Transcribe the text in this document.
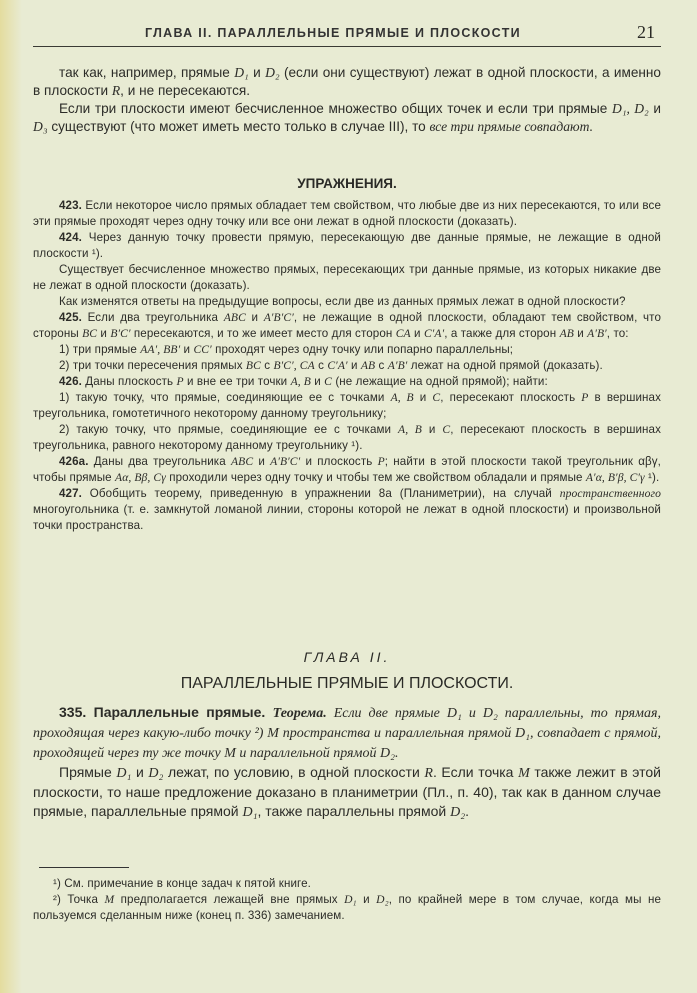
ГЛАВА II. ПАРАЛЛЕЛЬНЫЕ ПРЯМЫЕ И ПЛОСКОСТИ	21

так как, например, прямые D₁ и D₂ (если они существуют) лежат в одной плоскости, а именно в плоскости R, и не пересекаются.

Если три плоскости имеют бесчисленное множество общих точек и если три прямые D₁, D₂ и D₃ существуют (что может иметь место только в случае III), то все три прямые совпадают.

УПРАЖНЕНИЯ.

423. Если некоторое число прямых обладает тем свойством, что любые две из них пересекаются, то или все эти прямые проходят через одну точку или все они лежат в одной плоскости (доказать).

424. Через данную точку провести прямую, пересекающую две данные прямые, не лежащие в одной плоскости ¹).

Существует бесчисленное множество прямых, пересекающих три данные прямые, из которых никакие две не лежат в одной плоскости (доказать).

Как изменятся ответы на предыдущие вопросы, если две из данных прямых лежат в одной плоскости?

425. Если два треугольника ABC и A′B′C′, не лежащие в одной плоскости, обладают тем свойством, что стороны BC и B′C′ пересекаются, и то же имеет место для сторон CA и C′A′, а также для сторон AB и A′B′, то:

1) три прямые AA′, BB′ и CC′ проходят через одну точку или попарно параллельны;

2) три точки пересечения прямых BC с B′C′, CA с C′A′ и AB с A′B′ лежат на одной прямой (доказать).

426. Даны плоскость P и вне ее три точки A, B и C (не лежащие на одной прямой); найти:

1) такую точку, что прямые, соединяющие ее с точками A, B и C, пересекают плоскость P в вершинах треугольника, гомотетичного некоторому данному треугольнику;

2) такую точку, что прямые, соединяющие ее с точками A, B и C, пересекают плоскость в вершинах треугольника, равного некоторому данному треугольнику ¹).

426a. Даны два треугольника ABC и A′B′C′ и плоскость P; найти в этой плоскости такой треугольник αβγ, чтобы прямые Aα, Bβ, Cγ проходили через одну точку и чтобы тем же свойством обладали и прямые A′α, B′β, C′γ ¹).

427. Обобщить теорему, приведенную в упражнении 8а (Планиметрии), на случай пространственного многоугольника (т. е. замкнутой ломаной линии, стороны которой не лежат в одной плоскости) и произвольной точки пространства.

ГЛАВА II.
ПАРАЛЛЕЛЬНЫЕ ПРЯМЫЕ И ПЛОСКОСТИ.

335. Параллельные прямые. Теорема. Если две прямые D₁ и D₂ параллельны, то прямая, проходящая через какую-либо точку ²) M пространства и параллельная прямой D₁, совпадает с прямой, проходящей через ту же точку M и параллельной прямой D₂.

Прямые D₁ и D₂ лежат, по условию, в одной плоскости R. Если точка M также лежит в этой плоскости, то наше предложение доказано в планиметрии (Пл., п. 40), так как в данном случае прямые, параллельные прямой D₁, также параллельны прямой D₂.

¹) См. примечание в конце задач к пятой книге.

²) Точка M предполагается лежащей вне прямых D₁ и D₂, по крайней мере в том случае, когда мы не пользуемся сделанным ниже (конец п. 336) замечанием.
